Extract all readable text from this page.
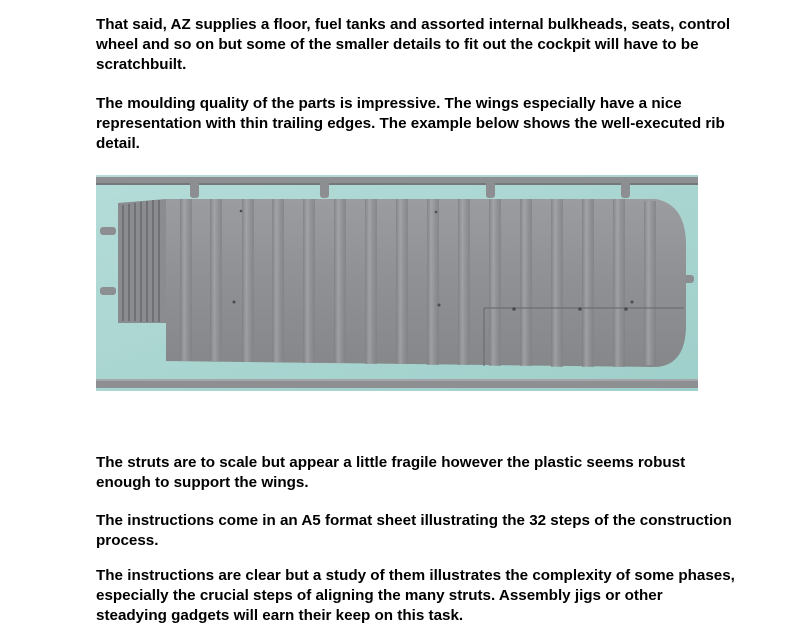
That said, AZ supplies a floor, fuel tanks and assorted internal bulkheads, seats, control wheel and so on but some of the smaller details to fit out the cockpit will have to be scratchbuilt.

The moulding quality of the parts is impressive. The wings especially have a nice representation with thin trailing edges. The example below shows the well-executed rib detail.

The struts are to scale but appear a little fragile however the plastic seems robust enough to support the wings.

The instructions come in an A5 format sheet illustrating the 32 steps of the construction process.

The instructions are clear but a study of them illustrates the complexity of some phases, especially the crucial steps of aligning the many struts. Assembly jigs or other steadying gadgets will earn their keep on this task.
